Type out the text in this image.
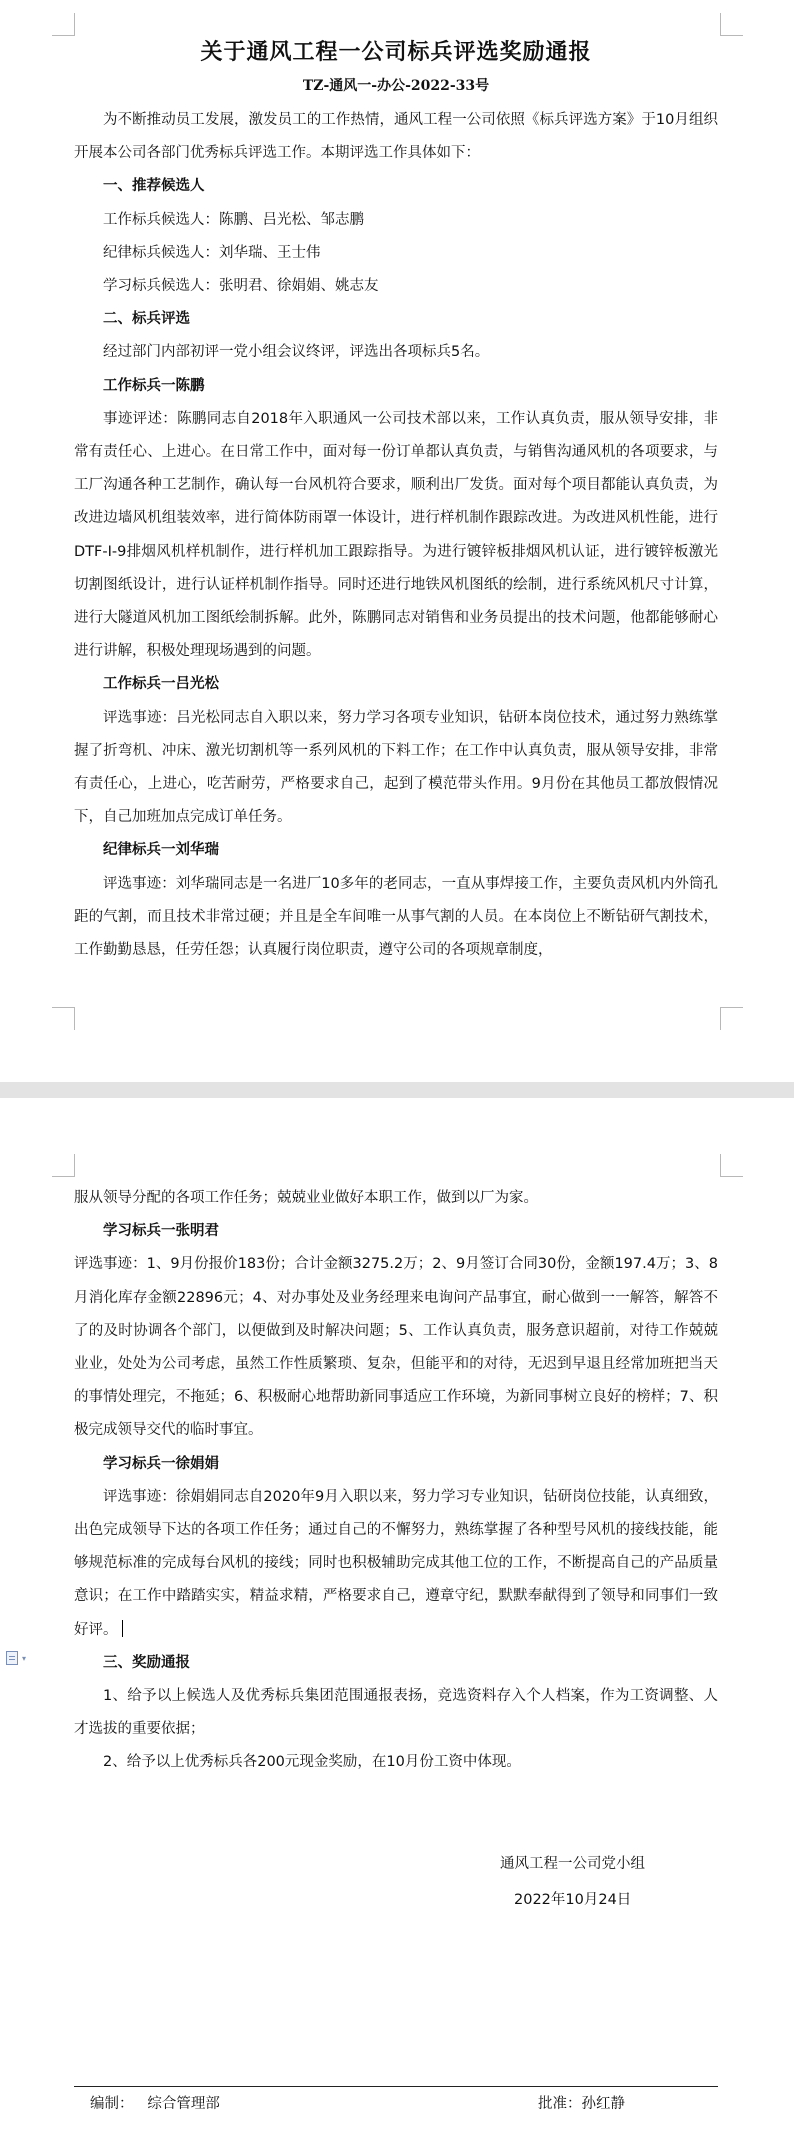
关于通风工程一公司标兵评选奖励通报

TZ-通风一-办公-2022-33号

为不断推动员工发展，激发员工的工作热情，通风工程一公司依照《标兵评选方案》于10月组织开展本公司各部门优秀标兵评选工作。本期评选工作具体如下：

一、推荐候选人

工作标兵候选人：陈鹏、吕光松、邹志鹏

纪律标兵候选人：刘华瑞、王士伟

学习标兵候选人：张明君、徐娟娟、姚志友

二、标兵评选

经过部门内部初评一党小组会议终评，评选出各项标兵5名。

工作标兵一陈鹏

事迹评述：陈鹏同志自2018年入职通风一公司技术部以来，工作认真负责，服从领导安排，非常有责任心、上进心。在日常工作中，面对每一份订单都认真负责，与销售沟通风机的各项要求，与工厂沟通各种工艺制作，确认每一台风机符合要求，顺利出厂发货。面对每个项目都能认真负责，为改进边墙风机组装效率，进行简体防雨罩一体设计，进行样机制作跟踪改进。为改进风机性能，进行DTF-I-9排烟风机样机制作，进行样机加工跟踪指导。为进行镀锌板排烟风机认证，进行镀锌板激光切割图纸设计，进行认证样机制作指导。同时还进行地铁风机图纸的绘制，进行系统风机尺寸计算，进行大隧道风机加工图纸绘制拆解。此外，陈鹏同志对销售和业务员提出的技术问题，他都能够耐心进行讲解，积极处理现场遇到的问题。

工作标兵一吕光松

评选事迹：吕光松同志自入职以来，努力学习各项专业知识，钻研本岗位技术，通过努力熟练掌握了折弯机、冲床、激光切割机等一系列风机的下料工作；在工作中认真负责，服从领导安排，非常有责任心，上进心，吃苦耐劳，严格要求自己，起到了模范带头作用。9月份在其他员工都放假情况下，自己加班加点完成订单任务。

纪律标兵一刘华瑞

评选事迹：刘华瑞同志是一名进厂10多年的老同志，一直从事焊接工作，主要负责风机内外筒孔距的气割，而且技术非常过硬；并且是全车间唯一从事气割的人员。在本岗位上不断钻研气割技术，工作勤勤恳恳，任劳任怨；认真履行岗位职责，遵守公司的各项规章制度，

服从领导分配的各项工作任务；兢兢业业做好本职工作，做到以厂为家。

学习标兵一张明君

评选事迹：1、9月份报价183份；合计金额3275.2万；2、9月签订合同30份，金额197.4万；3、8月消化库存金额22896元；4、对办事处及业务经理来电询问产品事宜，耐心做到一一解答，解答不了的及时协调各个部门，以便做到及时解决问题；5、工作认真负责，服务意识超前，对待工作兢兢业业，处处为公司考虑，虽然工作性质繁琐、复杂，但能平和的对待，无迟到早退且经常加班把当天的事情处理完，不拖延；6、积极耐心地帮助新同事适应工作环境，为新同事树立良好的榜样；7、积极完成领导交代的临时事宜。

学习标兵一徐娟娟

评选事迹：徐娟娟同志自2020年9月入职以来，努力学习专业知识，钻研岗位技能，认真细致，出色完成领导下达的各项工作任务；通过自己的不懈努力，熟练掌握了各种型号风机的接线技能，能够规范标准的完成每台风机的接线；同时也积极辅助完成其他工位的工作，不断提高自己的产品质量意识；在工作中踏踏实实，精益求精，严格要求自己，遵章守纪，默默奉献得到了领导和同事们一致好评。

三、奖励通报

1、给予以上候选人及优秀标兵集团范围通报表扬，竞选资料存入个人档案，作为工资调整、人才选拔的重要依据；

2、给予以上优秀标兵各200元现金奖励，在10月份工资中体现。

▾
通风工程一公司党小组
2022年10月24日
编制：   综合管理部	批准：孙红静
